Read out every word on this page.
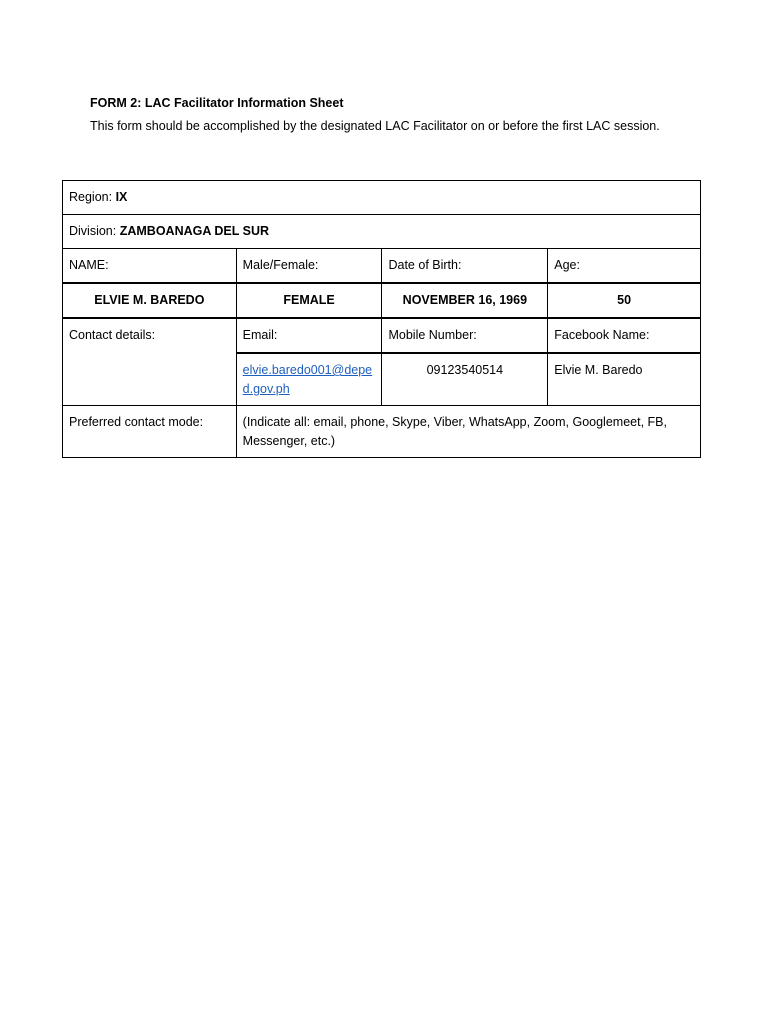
FORM 2: LAC Facilitator Information Sheet

This form should be accomplished by the designated LAC Facilitator on or before the first LAC session.

Region: IX			
Division: ZAMBOANAGA DEL SUR			
NAME:	Male/Female:	Date of Birth:	Age:
ELVIE M. BAREDO	FEMALE	NOVEMBER 16, 1969	50
Contact details:	Email:	Mobile Number:	Facebook Name:
	elvie.baredo001@deped.gov.ph	09123540514	Elvie M. Baredo
Preferred contact mode:	(Indicate all: email, phone, Skype, Viber, WhatsApp, Zoom, Googlemeet, FB, Messenger, etc.)		
